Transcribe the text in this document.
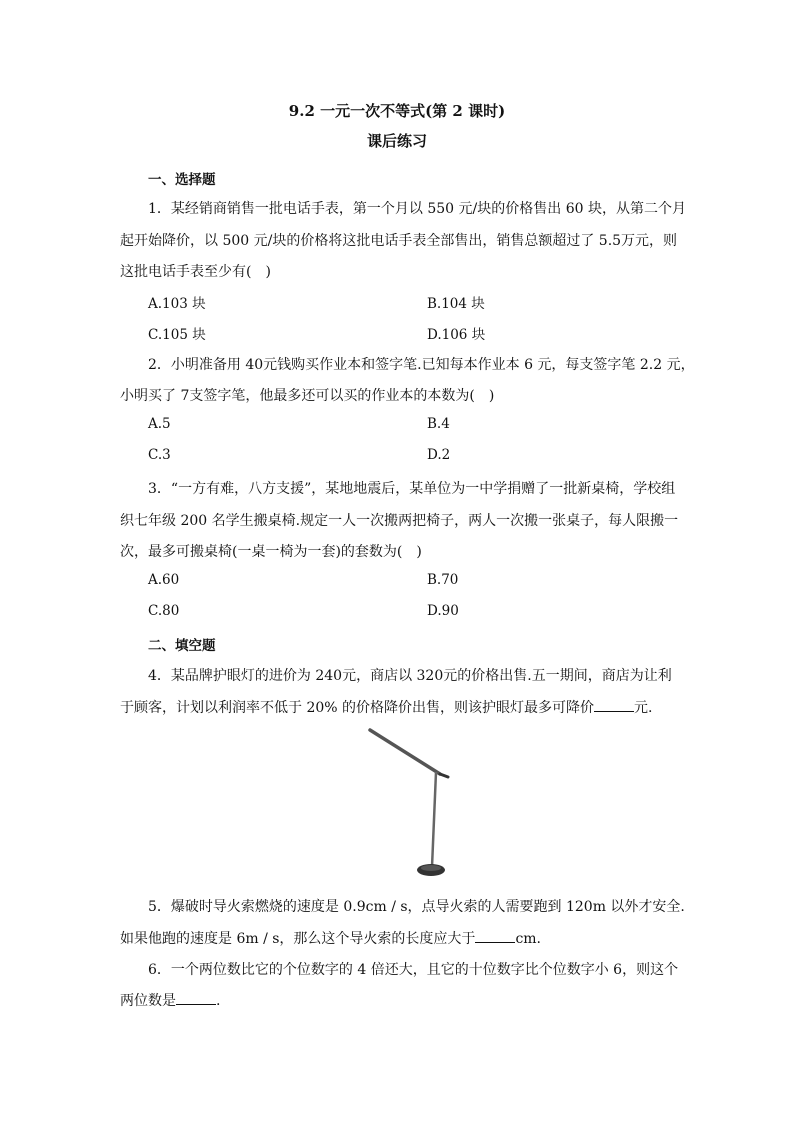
9.2 一元一次不等式(第 2 课时)
课后练习
一、选择题
1．某经销商销售一批电话手表，第一个月以 550 元/块的价格售出 60 块，从第二个月
起开始降价，以 500 元/块的价格将这批电话手表全部售出，销售总额超过了 5.5万元，则
这批电话手表至少有(　)
A.103 块	B.104 块
C.105 块	D.106 块
2．小明准备用 40元钱购买作业本和签字笔.已知每本作业本 6 元，每支签字笔 2.2 元，
小明买了 7支签字笔，他最多还可以买的作业本的本数为(　)
A.5	B.4
C.3	D.2
3．“一方有难，八方支援”，某地地震后，某单位为一中学捐赠了一批新桌椅，学校组
织七年级 200 名学生搬桌椅.规定一人一次搬两把椅子，两人一次搬一张桌子，每人限搬一
次，最多可搬桌椅(一桌一椅为一套)的套数为(　)
A.60	B.70
C.80	D.90
二、填空题
4．某品牌护眼灯的进价为 240元，商店以 320元的价格出售.五一期间，商店为让利
于顾客，计划以利润率不低于 20% 的价格降价出售，则该护眼灯最多可降价	元.
5．爆破时导火索燃烧的速度是 0.9cm / s，点导火索的人需要跑到 120m 以外才安全.
如果他跑的速度是 6m / s，那么这个导火索的长度应大于	cm.
6．一个两位数比它的个位数字的 4 倍还大，且它的十位数字比个位数字小 6，则这个
两位数是	.
